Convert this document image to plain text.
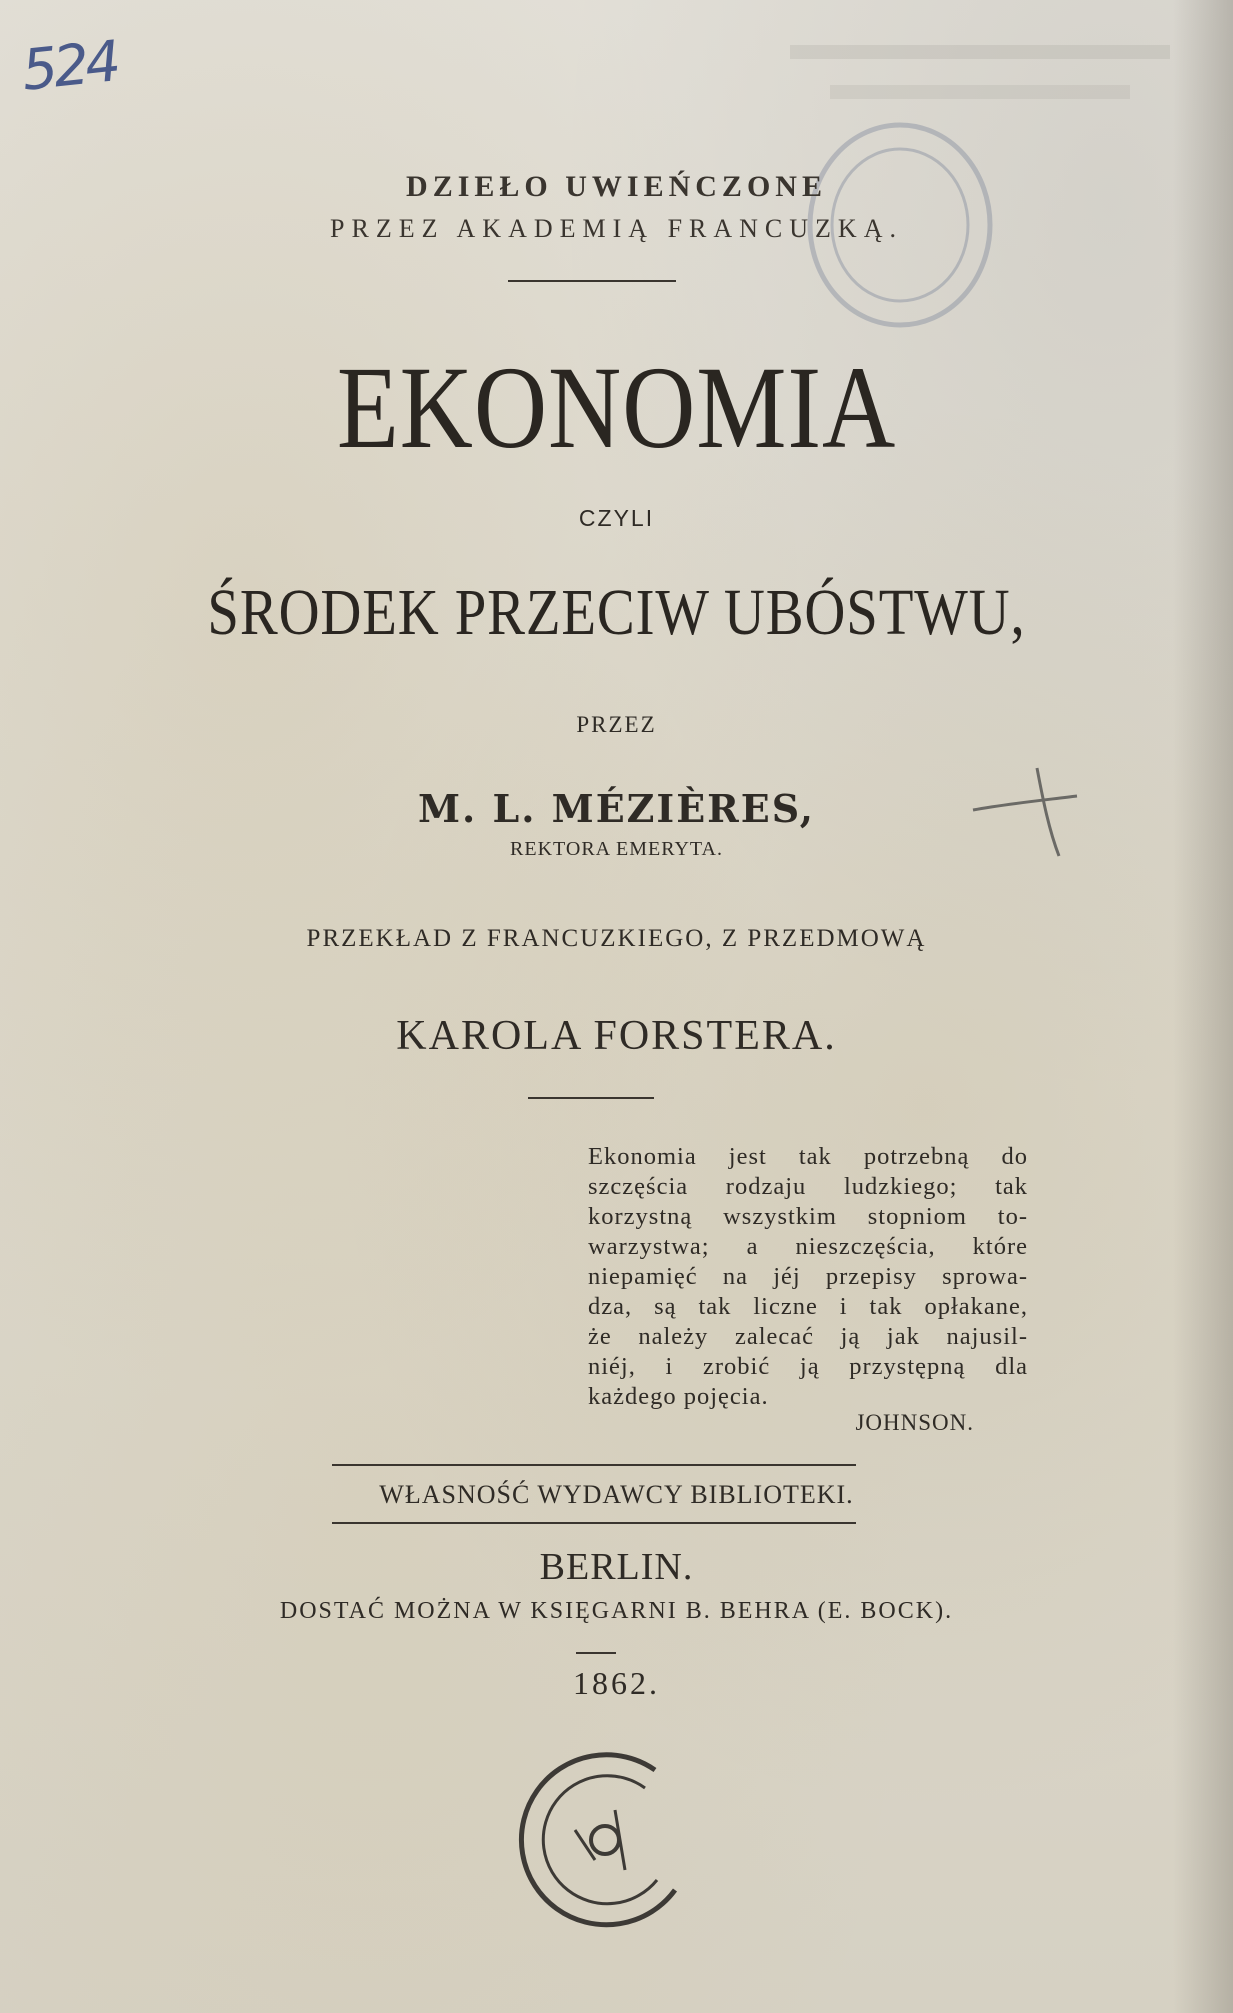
524
DZIEŁO UWIEŃCZONE
PRZEZ AKADEMIĄ FRANCUZKĄ.
EKONOMIA
CZYLI
ŚRODEK PRZECIW UBÓSTWU,
PRZEZ
M. L. MÉZIÈRES,
REKTORA EMERYTA.
PRZEKŁAD Z FRANCUZKIEGO, Z PRZEDMOWĄ
KAROLA FORSTERA.
Ekonomia jest tak potrzebną do
szczęścia rodzaju ludzkiego; tak
korzystną wszystkim stopniom to-
warzystwa; a nieszczęścia, które
niepamięć na jéj przepisy sprowa-
dza, są tak liczne i tak opłakane,
że należy zalecać ją jak najusil-
niéj, i zrobić ją przystępną dla
każdego pojęcia.
JOHNSON.
WŁASNOŚĆ WYDAWCY BIBLIOTEKI.
BERLIN.
DOSTAĆ MOŻNA W KSIĘGARNI B. BEHRA (E. BOCK).
1862.
